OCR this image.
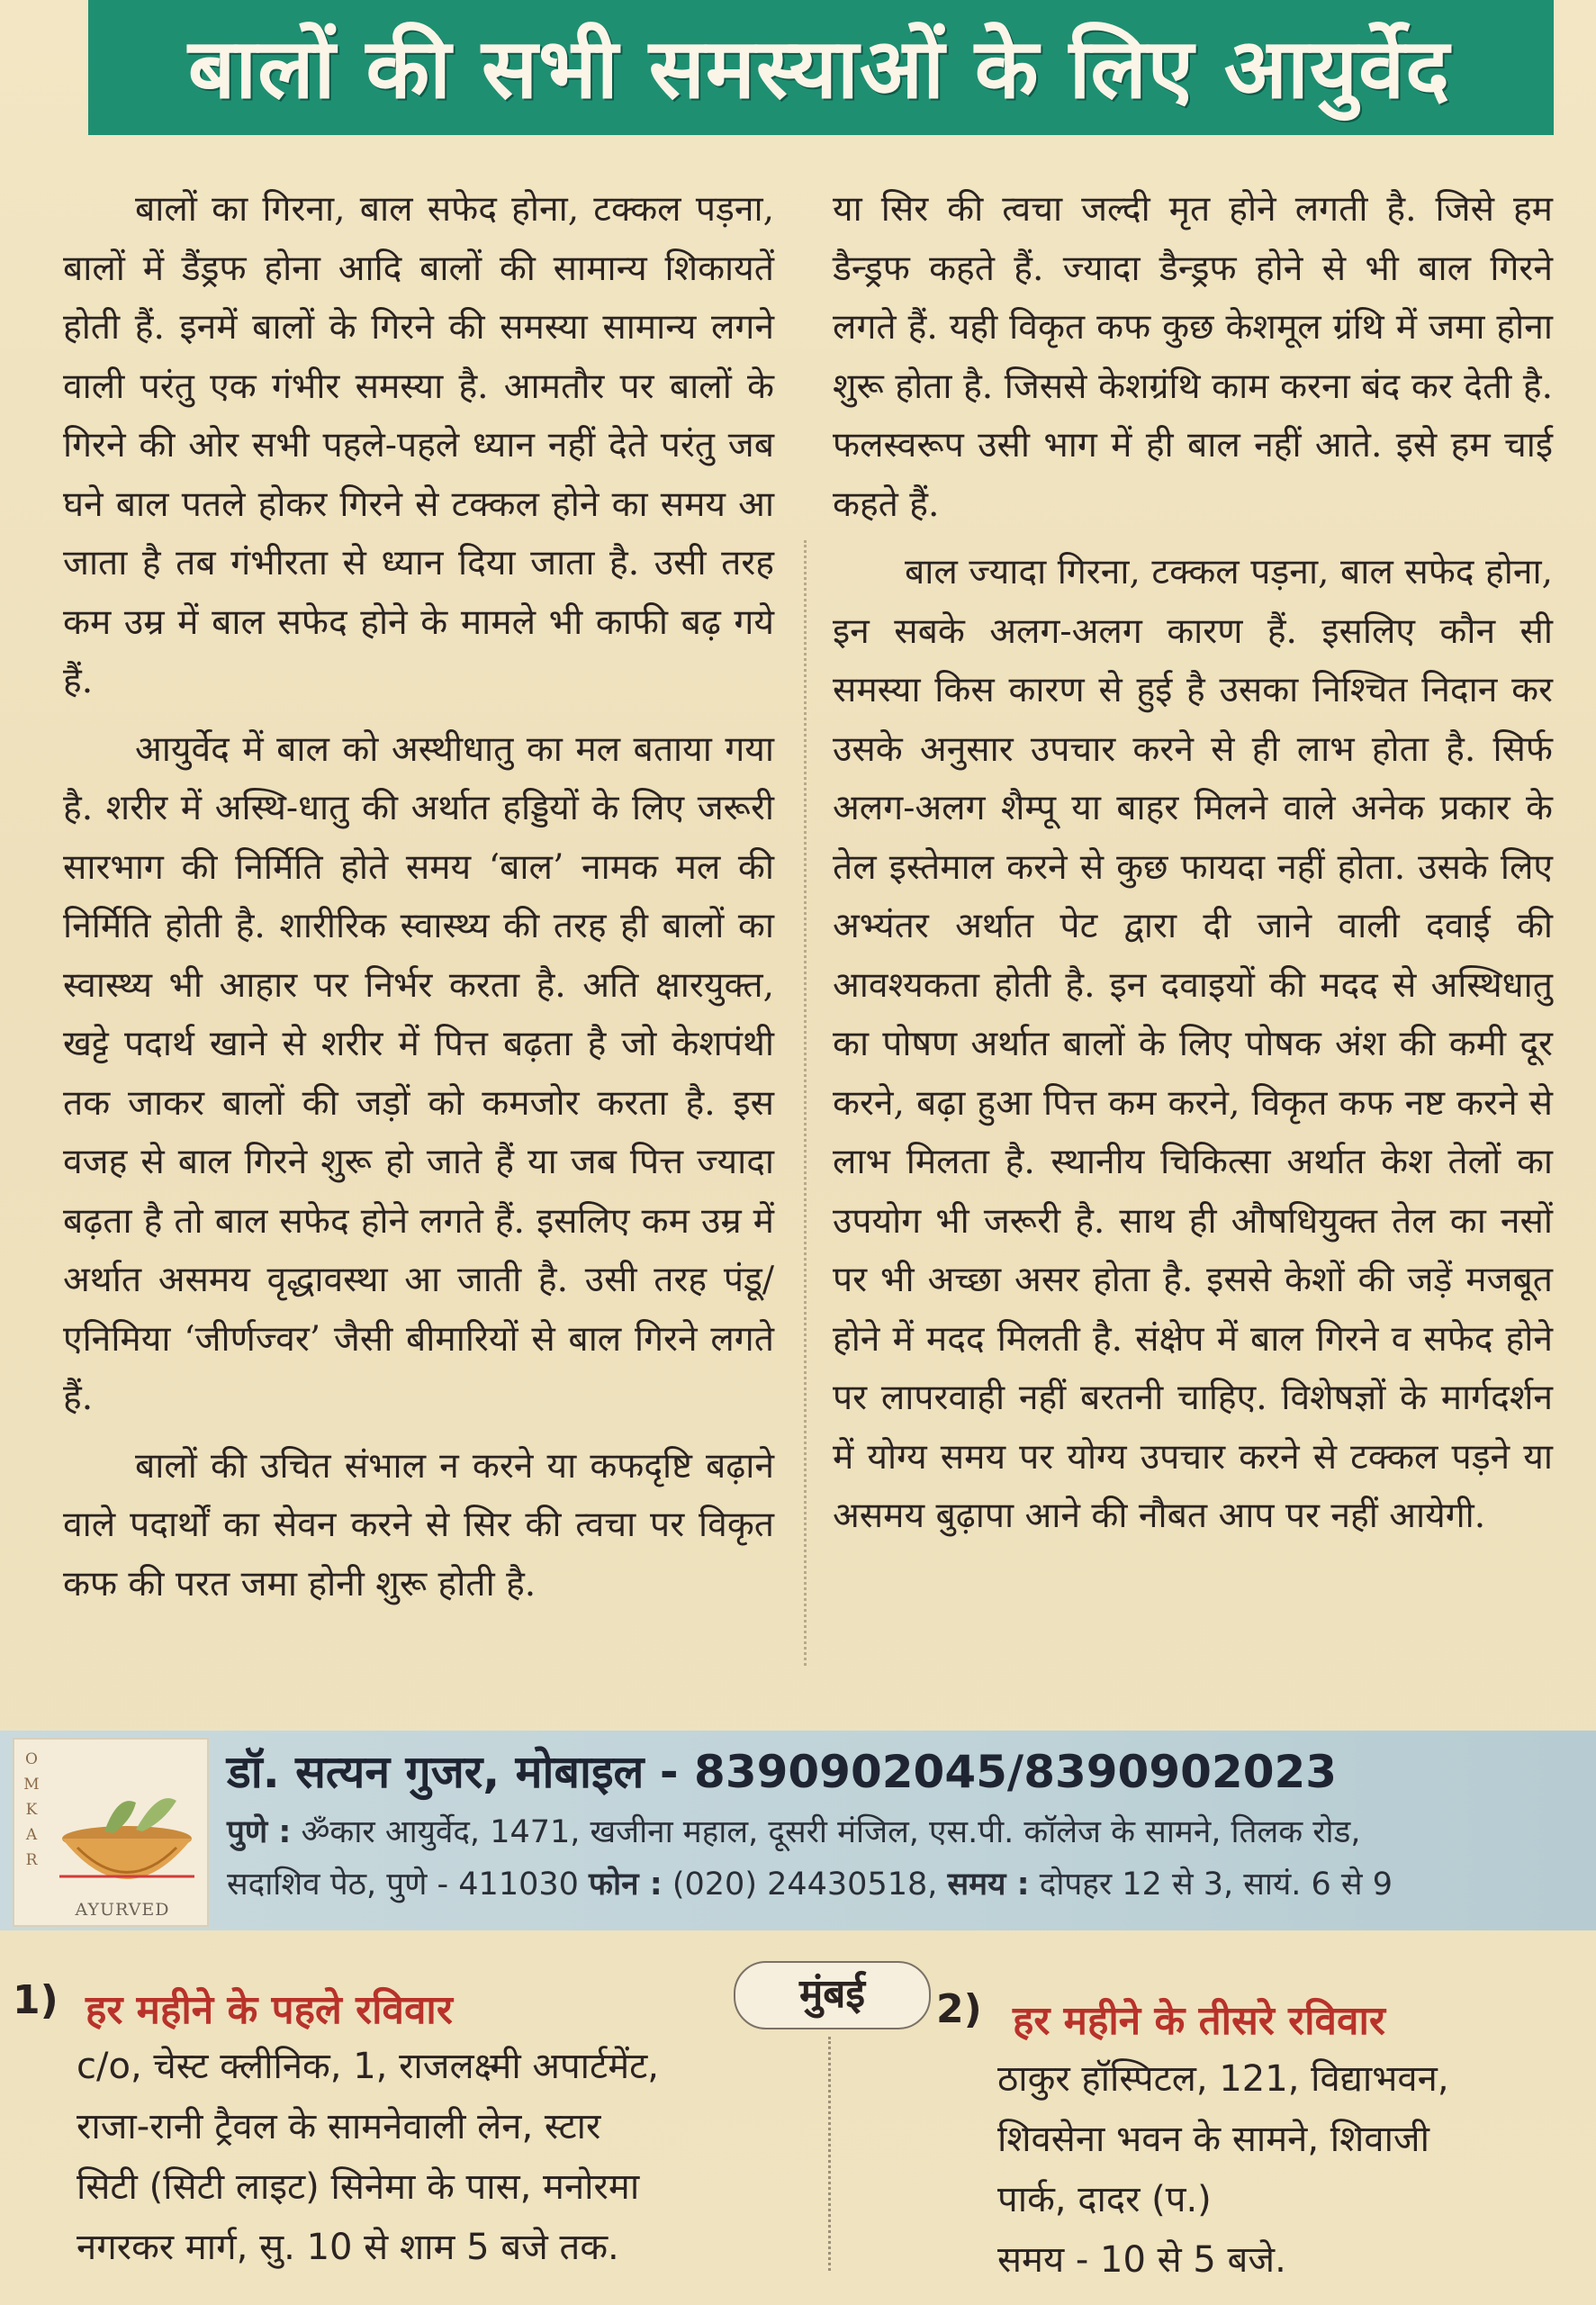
बालों की सभी समस्याओं के लिए आयुर्वेद

बालों का गिरना, बाल सफेद होना, टक्कल पड़ना, बालों में डैंड्रफ होना आदि बालों की सामान्य शिकायतें होती हैं. इनमें बालों के गिरने की समस्या सामान्य लगने वाली परंतु एक गंभीर समस्या है. आमतौर पर बालों के गिरने की ओर सभी पहले-पहले ध्यान नहीं देते परंतु जब घने बाल पतले होकर गिरने से टक्कल होने का समय आ जाता है तब गंभीरता से ध्यान दिया जाता है. उसी तरह कम उम्र में बाल सफेद होने के मामले भी काफी बढ़ गये हैं.

आयुर्वेद में बाल को अस्थीधातु का मल बताया गया है. शरीर में अस्थि-धातु की अर्थात हड्डियों के लिए जरूरी सारभाग की निर्मिति होते समय ‘बाल’ नामक मल की निर्मिति होती है. शारीरिक स्वास्थ्य की तरह ही बालों का स्वास्थ्य भी आहार पर निर्भर करता है. अति क्षारयुक्त, खट्टे पदार्थ खाने से शरीर में पित्त बढ़ता है जो केशपंथी तक जाकर बालों की जड़ों को कमजोर करता है. इस वजह से बाल गिरने शुरू हो जाते हैं या जब पित्त ज्यादा बढ़ता है तो बाल सफेद होने लगते हैं. इसलिए कम उम्र में अर्थात असमय वृद्धावस्था आ जाती है. उसी तरह पंडू/एनिमिया ‘जीर्णज्वर’ जैसी बीमारियों से बाल गिरने लगते हैं.

बालों की उचित संभाल न करने या कफदृष्टि बढ़ाने वाले पदार्थों का सेवन करने से सिर की त्वचा पर विकृत कफ की परत जमा होनी शुरू होती है.

या सिर की त्वचा जल्दी मृत होने लगती है. जिसे हम डैन्ड्रफ कहते हैं. ज्यादा डैन्ड्रफ होने से भी बाल गिरने लगते हैं. यही विकृत कफ कुछ केशमूल ग्रंथि में जमा होना शुरू होता है. जिससे केशग्रंथि काम करना बंद कर देती है. फलस्वरूप उसी भाग में ही बाल नहीं आते. इसे हम चाई कहते हैं.

बाल ज्यादा गिरना, टक्कल पड़ना, बाल सफेद होना, इन सबके अलग-अलग कारण हैं. इसलिए कौन सी समस्या किस कारण से हुई है उसका निश्चित निदान कर उसके अनुसार उपचार करने से ही लाभ होता है. सिर्फ अलग-अलग शैम्पू या बाहर मिलने वाले अनेक प्रकार के तेल इस्तेमाल करने से कुछ फायदा नहीं होता. उसके लिए अभ्यंतर अर्थात पेट द्वारा दी जाने वाली दवाई की आवश्यकता होती है. इन दवाइयों की मदद से अस्थिधातु का पोषण अर्थात बालों के लिए पोषक अंश की कमी दूर करने, बढ़ा हुआ पित्त कम करने, विकृत कफ नष्ट करने से लाभ मिलता है. स्थानीय चिकित्सा अर्थात केश तेलों का उपयोग भी जरूरी है. साथ ही औषधियुक्त तेल का नसों पर भी अच्छा असर होता है. इससे केशों की जड़ें मजबूत होने में मदद मिलती है. संक्षेप में बाल गिरने व सफेद होने पर लापरवाही नहीं बरतनी चाहिए. विशेषज्ञों के मार्गदर्शन में योग्य समय पर योग्य उपचार करने से टक्कल पड़ने या असमय बुढ़ापा आने की नौबत आप पर नहीं आयेगी.

O
M
K
A
R
AYURVED
डॉ. सत्यन गुजर, मोबाइल - 8390902045/8390902023
पुणे : ॐकार आयुर्वेद, 1471, खजीना महाल, दूसरी मंजिल, एस.पी. कॉलेज के सामने, तिलक रोड,
सदाशिव पेठ, पुणे - 411030 फोन : (020) 24430518, समय : दोपहर 12 से 3, सायं. 6 से 9
मुंबई
1) हर महीने के पहले रविवार
c/o, चेस्ट क्लीनिक, 1, राजलक्ष्मी अपार्टमेंट,
राजा-रानी ट्रैवल के सामनेवाली लेन, स्टार
सिटी (सिटी लाइट) सिनेमा के पास, मनोरमा
नगरकर मार्ग, सु. 10 से शाम 5 बजे तक.
2) हर महीने के तीसरे रविवार
ठाकुर हॉस्पिटल, 121, विद्याभवन,
शिवसेना भवन के सामने, शिवाजी
पार्क, दादर (प.)
समय - 10 से 5 बजे.
